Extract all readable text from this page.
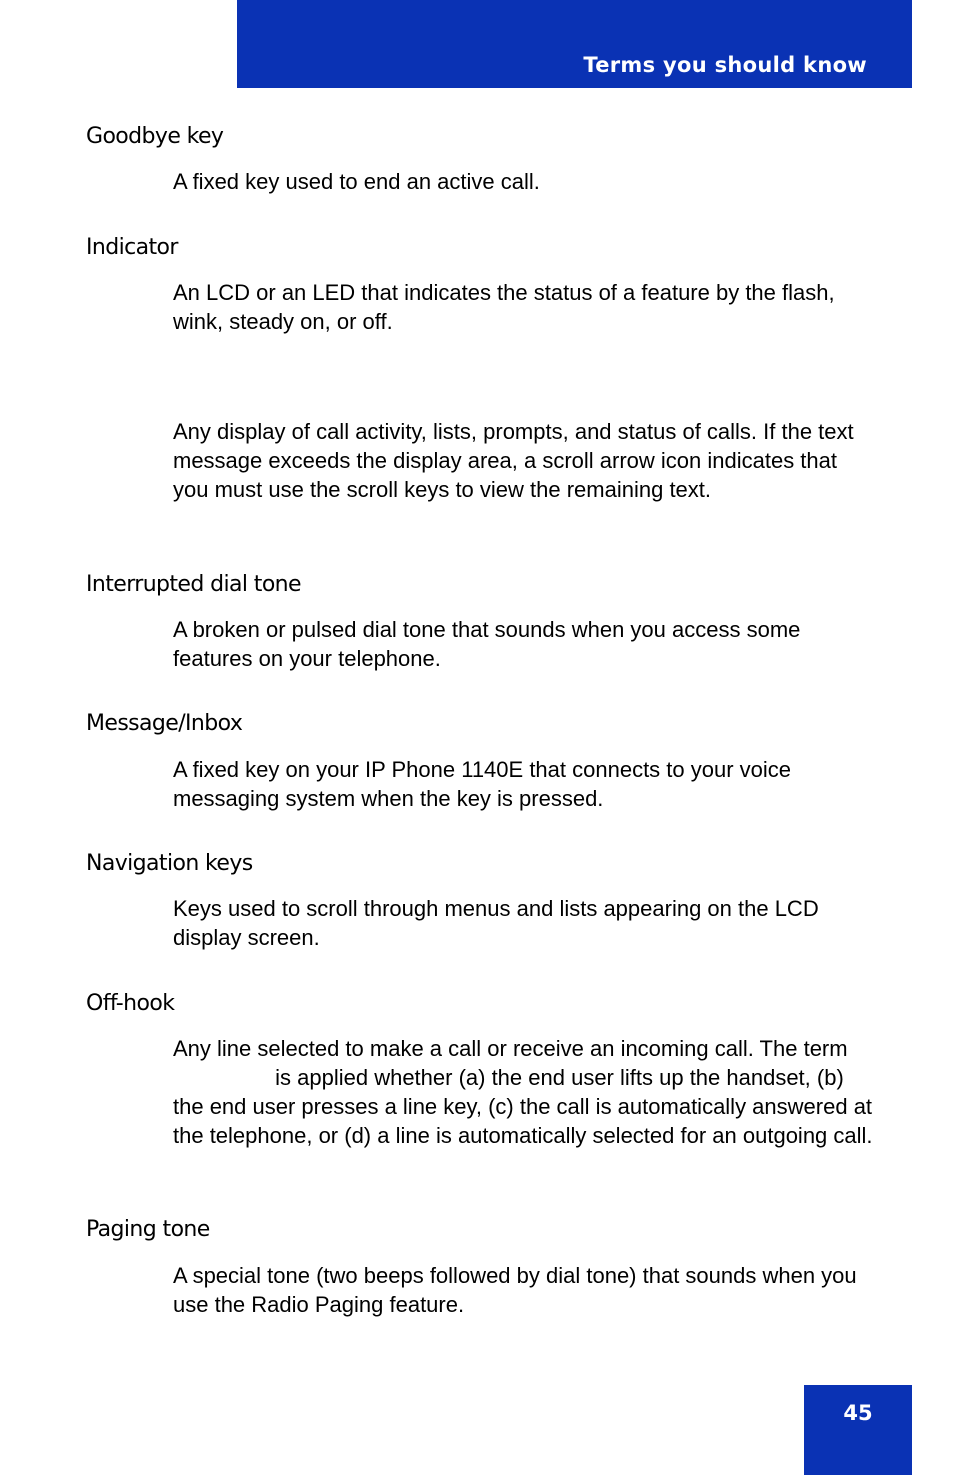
Terms you should know
Goodbye key
A fixed key used to end an active call.
Indicator
An LCD or an LED that indicates the status of a feature by the flash, wink, steady on, or off.
Any display of call activity, lists, prompts, and status of calls. If the text message exceeds the display area, a scroll arrow icon indicates that you must use the scroll keys to view the remaining text.
Interrupted dial tone
A broken or pulsed dial tone that sounds when you access some features on your telephone.
Message/Inbox
A fixed key on your IP Phone 1140E that connects to your voice messaging system when the key is pressed.
Navigation keys
Keys used to scroll through menus and lists appearing on the LCD display screen.
Off-hook
Any line selected to make a call or receive an incoming call. The term  is applied whether (a) the end user lifts up the handset, (b) the end user presses a line key, (c) the call is automatically answered at the telephone, or (d) a line is automatically selected for an outgoing call.
Paging tone
A special tone (two beeps followed by dial tone) that sounds when you use the Radio Paging feature.
45
